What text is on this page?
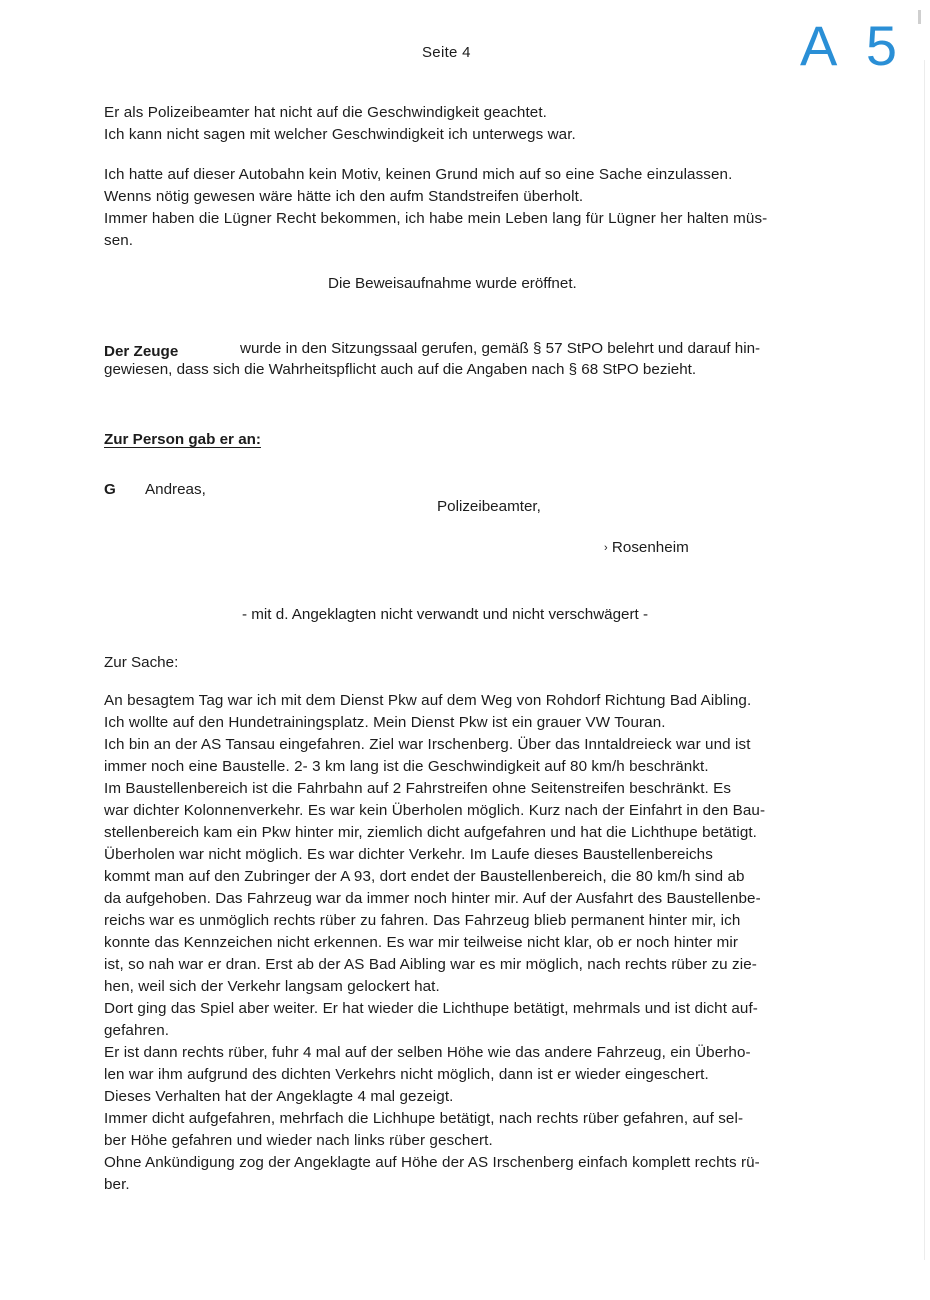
Seite 4	A 5
Er als Polizeibeamter hat nicht auf die Geschwindigkeit geachtet.
Ich kann nicht sagen mit welcher Geschwindigkeit ich unterwegs war.
Ich hatte auf dieser Autobahn kein Motiv, keinen Grund mich auf so eine Sache einzulassen.
Wenns nötig gewesen wäre hätte ich den aufm Standstreifen überholt.
Immer haben die Lügner Recht bekommen, ich habe mein Leben lang für Lügner her halten müs-
sen.
Die Beweisaufnahme wurde eröffnet.
Der Zeuge	wurde in den Sitzungssaal gerufen, gemäß § 57 StPO belehrt und darauf hin-
gewiesen, dass sich die Wahrheitspflicht auch auf die Angaben nach § 68 StPO bezieht.
Zur Person gab er an:
G Andreas,
Polizeibeamter,
› Rosenheim
- mit d. Angeklagten nicht verwandt und nicht verschwägert -
Zur Sache:
An besagtem Tag war ich mit dem Dienst Pkw auf dem Weg von Rohdorf Richtung Bad Aibling.
Ich wollte auf den Hundetrainingsplatz. Mein Dienst Pkw ist ein grauer VW Touran.
Ich bin an der AS Tansau eingefahren. Ziel war Irschenberg. Über das Inntaldreieck war und ist
immer noch eine Baustelle. 2- 3 km lang ist die Geschwindigkeit auf 80 km/h beschränkt.
Im Baustellenbereich ist die Fahrbahn auf 2 Fahrstreifen ohne Seitenstreifen beschränkt. Es
war dichter Kolonnenverkehr. Es war kein Überholen möglich. Kurz nach der Einfahrt in den Bau-
stellenbereich kam ein Pkw hinter mir, ziemlich dicht aufgefahren und hat die Lichthupe betätigt.
Überholen war nicht möglich. Es war dichter Verkehr. Im Laufe dieses Baustellenbereichs
kommt man auf den Zubringer der A 93, dort endet der Baustellenbereich, die 80 km/h sind ab
da aufgehoben. Das Fahrzeug war da immer noch hinter mir. Auf der Ausfahrt des Baustellenbe-
reichs war es unmöglich rechts rüber zu fahren. Das Fahrzeug blieb permanent hinter mir, ich
konnte das Kennzeichen nicht erkennen. Es war mir teilweise nicht klar, ob er noch hinter mir
ist, so nah war er dran. Erst ab der AS Bad Aibling war es mir möglich, nach rechts rüber zu zie-
hen, weil sich der Verkehr langsam gelockert hat.
Dort ging das Spiel aber weiter. Er hat wieder die Lichthupe betätigt, mehrmals und ist dicht auf-
gefahren.
Er ist dann rechts rüber, fuhr 4 mal auf der selben Höhe wie das andere Fahrzeug, ein Überho-
len war ihm aufgrund des dichten Verkehrs nicht möglich, dann ist er wieder eingeschert.
Dieses Verhalten hat der Angeklagte 4 mal gezeigt.
Immer dicht aufgefahren, mehrfach die Lichhupe betätigt, nach rechts rüber gefahren, auf sel-
ber Höhe gefahren und wieder nach links rüber geschert.
Ohne Ankündigung zog der Angeklagte auf Höhe der AS Irschenberg einfach komplett rechts rü-
ber.
